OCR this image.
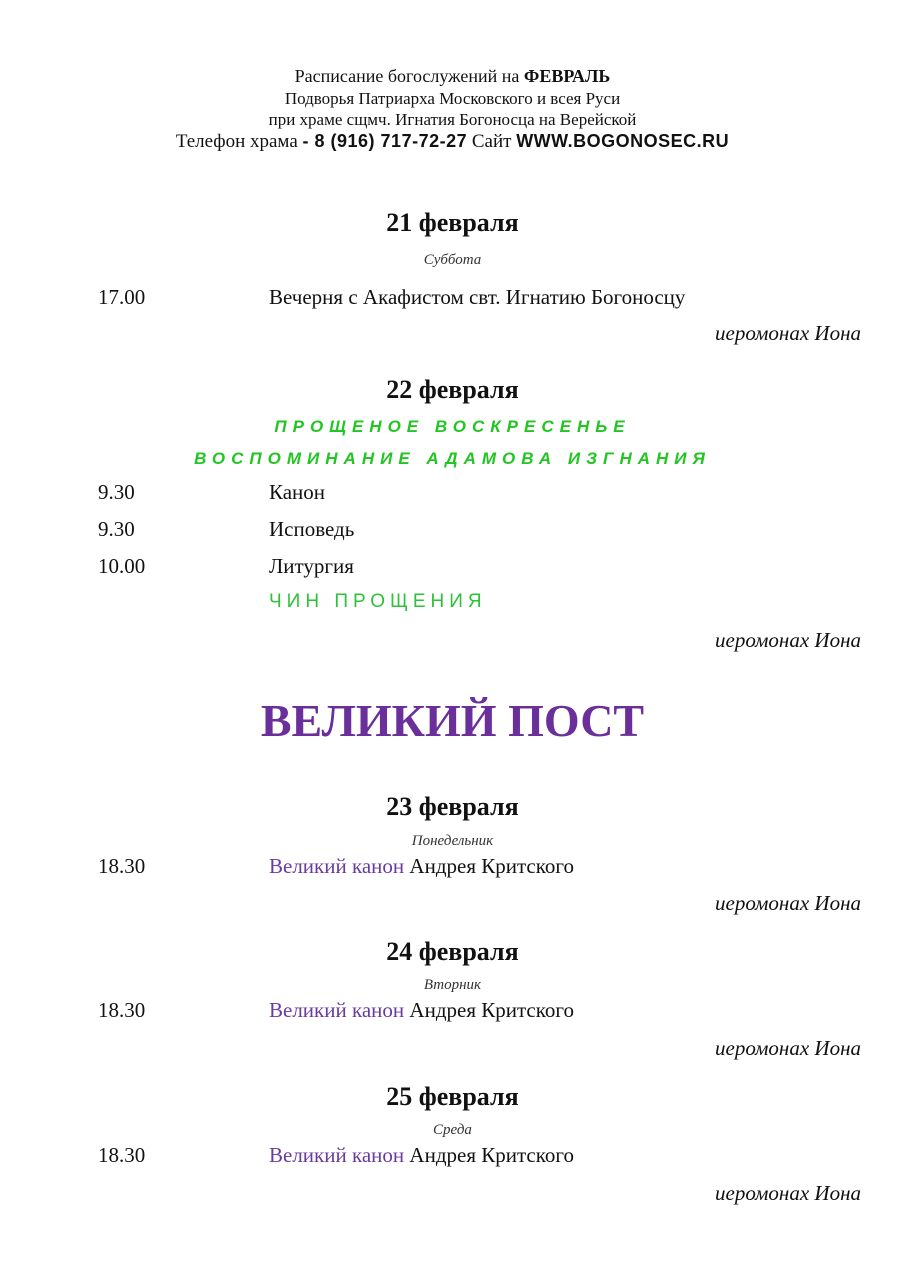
Расписание богослужений на ФЕВРАЛЬ
Подворья Патриарха Московского и всея Руси
при храме сщмч. Игнатия Богоносца на Верейской
Телефон храма - 8 (916) 717-72-27 Сайт WWW.BOGONOSEC.RU
21 февраля
Суббота
17.00	Вечерня с Акафистом свт. Игнатию Богоносцу
иеромонах Иона
22 февраля
ПРОЩЕНОЕ ВОСКРЕСЕНЬЕ
ВОСПОМИНАНИЕ АДАМОВА ИЗГНАНИЯ
9.30	Канон
9.30	Исповедь
10.00	Литургия
ЧИН ПРОЩЕНИЯ
иеромонах Иона
ВЕЛИКИЙ ПОСТ
23 февраля
Понедельник
18.30	Великий канон Андрея Критского
иеромонах Иона
24 февраля
Вторник
18.30	Великий канон Андрея Критского
иеромонах Иона
25 февраля
Среда
18.30	Великий канон Андрея Критского
иеромонах Иона
